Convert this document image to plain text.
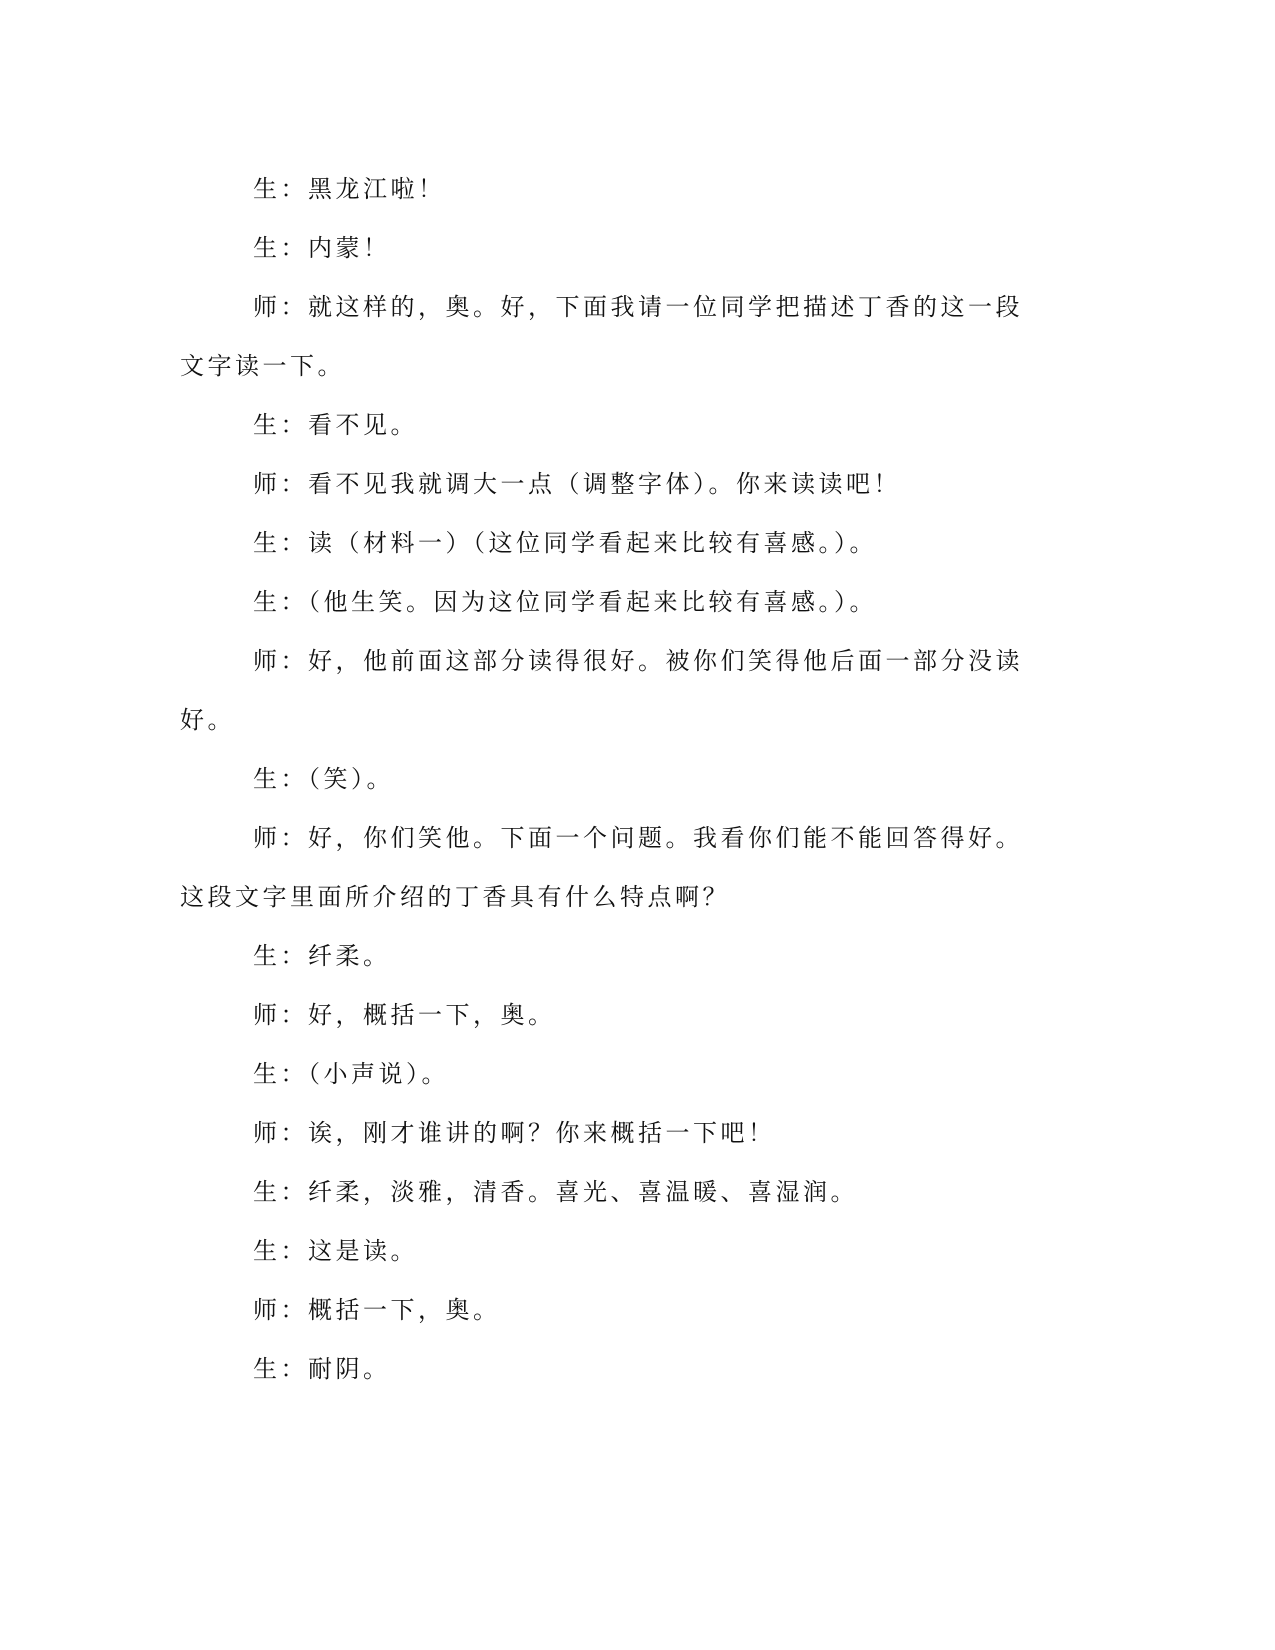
生：黑龙江啦！

生：内蒙！

师：就这样的，奥。好，下面我请一位同学把描述丁香的这一段文字读一下。

生：看不见。

师：看不见我就调大一点（调整字体）。你来读读吧！

生：读（材料一）（这位同学看起来比较有喜感。）。

生：（他生笑。因为这位同学看起来比较有喜感。）。

师：好，他前面这部分读得很好。被你们笑得他后面一部分没读好。

生：（笑）。

师：好，你们笑他。下面一个问题。我看你们能不能回答得好。这段文字里面所介绍的丁香具有什么特点啊？

生：纤柔。

师：好，概括一下，奥。

生：（小声说）。

师：诶，刚才谁讲的啊？你来概括一下吧！

生：纤柔，淡雅，清香。喜光、喜温暖、喜湿润。

生：这是读。

师：概括一下，奥。

生：耐阴。
